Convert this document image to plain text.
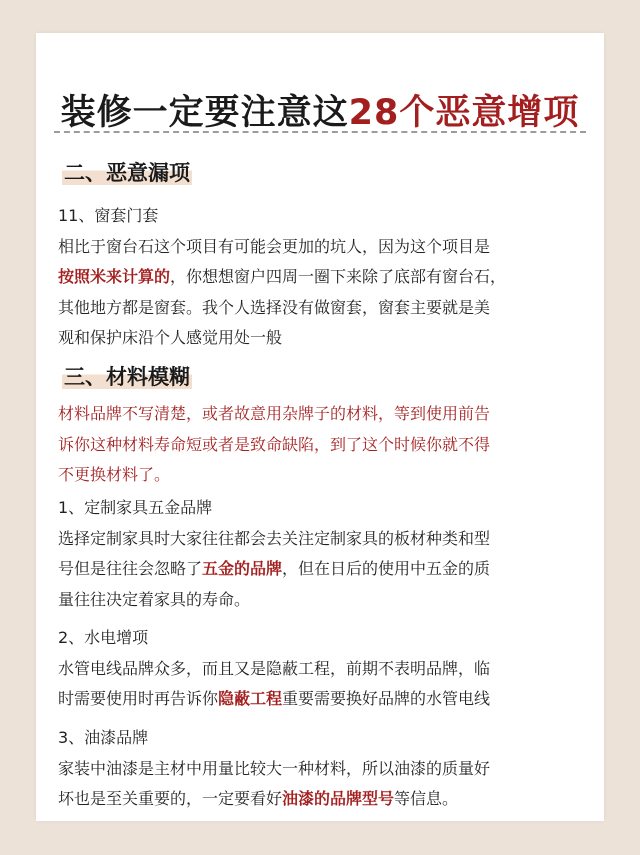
装修一定要注意这28个恶意增项
二、恶意漏项
11、窗套门套
相比于窗台石这个项目有可能会更加的坑人，因为这个项目是
按照米来计算的，你想想窗户四周一圈下来除了底部有窗台石，
其他地方都是窗套。我个人选择没有做窗套，窗套主要就是美
观和保护床沿个人感觉用处一般
三、材料模糊
材料品牌不写清楚，或者故意用杂牌子的材料，等到使用前告
诉你这种材料寿命短或者是致命缺陷，到了这个时候你就不得
不更换材料了。
1、定制家具五金品牌
选择定制家具时大家往往都会去关注定制家具的板材种类和型
号但是往往会忽略了五金的品牌，但在日后的使用中五金的质
量往往决定着家具的寿命。
2、水电增项
水管电线品牌众多，而且又是隐蔽工程，前期不表明品牌，临
时需要使用时再告诉你隐蔽工程重要需要换好品牌的水管电线
3、油漆品牌
家装中油漆是主材中用量比较大一种材料，所以油漆的质量好
坏也是至关重要的，一定要看好油漆的品牌型号等信息。
